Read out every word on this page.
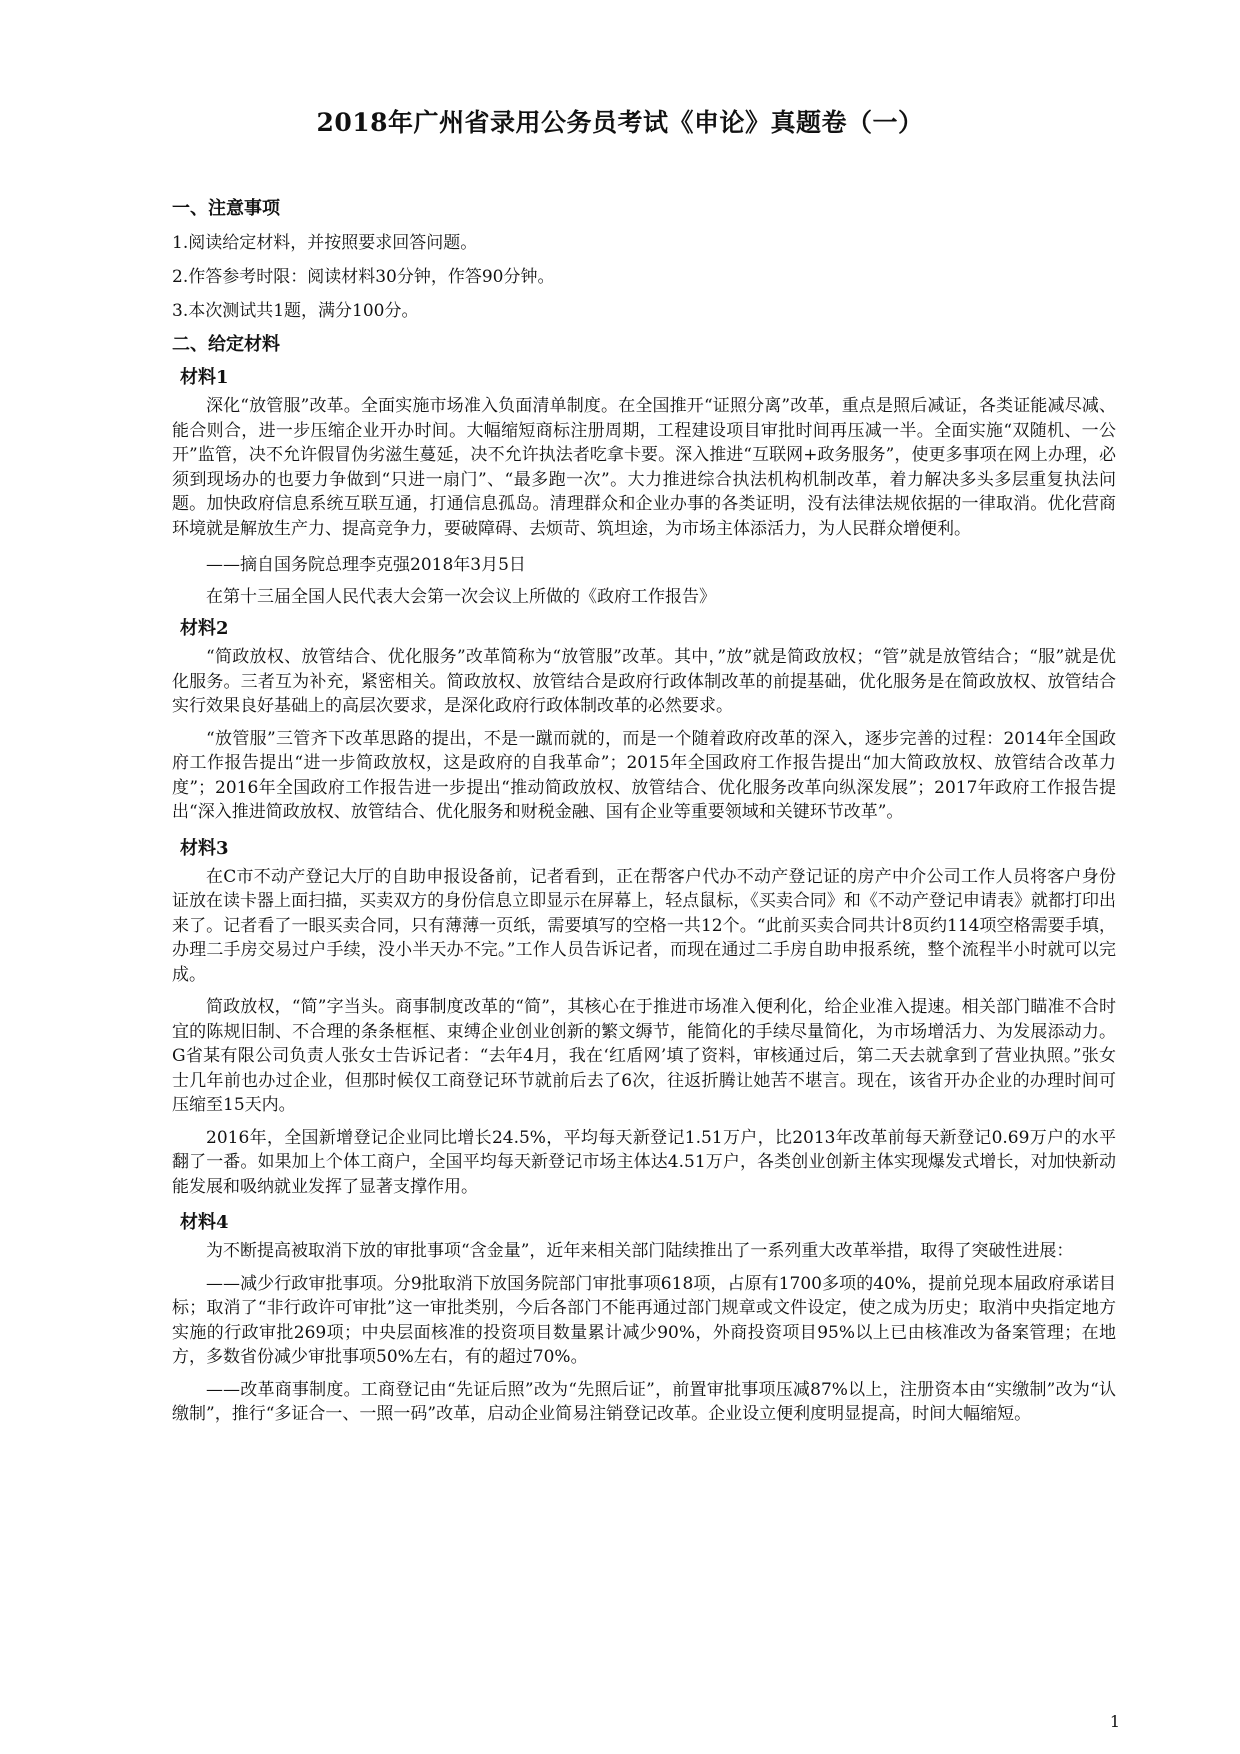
2018年广州省录用公务员考试《申论》真题卷（一）
一、注意事项
1.阅读给定材料，并按照要求回答问题。
2.作答参考时限：阅读材料30分钟，作答90分钟。
3.本次测试共1题，满分100分。
二、给定材料
材料1

深化“放管服”改革。全面实施市场准入负面清单制度。在全国推开“证照分离”改革，重点是照后减证，各类证能减尽减、能合则合，进一步压缩企业开办时间。大幅缩短商标注册周期，工程建设项目审批时间再压减一半。全面实施“双随机、一公开”监管，决不允许假冒伪劣滋生蔓延，决不允许执法者吃拿卡要。深入推进“互联网+政务服务”，使更多事项在网上办理，必须到现场办的也要力争做到“只进一扇门”、“最多跑一次”。大力推进综合执法机构机制改革，着力解决多头多层重复执法问题。加快政府信息系统互联互通，打通信息孤岛。清理群众和企业办事的各类证明，没有法律法规依据的一律取消。优化营商环境就是解放生产力、提高竞争力，要破障碍、去烦苛、筑坦途，为市场主体添活力，为人民群众增便利。

——摘自国务院总理李克强2018年3月5日

在第十三届全国人民代表大会第一次会议上所做的《政府工作报告》

材料2

“简政放权、放管结合、优化服务”改革简称为“放管服”改革。其中，”放”就是简政放权；“管”就是放管结合；“服”就是优化服务。三者互为补充，紧密相关。简政放权、放管结合是政府行政体制改革的前提基础，优化服务是在简政放权、放管结合实行效果良好基础上的高层次要求，是深化政府行政体制改革的必然要求。

“放管服”三管齐下改革思路的提出，不是一蹴而就的，而是一个随着政府改革的深入，逐步完善的过程：2014年全国政府工作报告提出“进一步简政放权，这是政府的自我革命”；2015年全国政府工作报告提出“加大简政放权、放管结合改革力度”；2016年全国政府工作报告进一步提出“推动简政放权、放管结合、优化服务改革向纵深发展”；2017年政府工作报告提出“深入推进简政放权、放管结合、优化服务和财税金融、国有企业等重要领域和关键环节改革”。

材料3

在C市不动产登记大厅的自助申报设备前，记者看到，正在帮客户代办不动产登记证的房产中介公司工作人员将客户身份证放在读卡器上面扫描，买卖双方的身份信息立即显示在屏幕上，轻点鼠标，《买卖合同》和《不动产登记申请表》就都打印出来了。记者看了一眼买卖合同，只有薄薄一页纸，需要填写的空格一共12个。“此前买卖合同共计8页约114项空格需要手填，办理二手房交易过户手续，没小半天办不完。”工作人员告诉记者，而现在通过二手房自助申报系统，整个流程半小时就可以完成。

简政放权，“简”字当头。商事制度改革的“简”，其核心在于推进市场准入便利化，给企业准入提速。相关部门瞄准不合时宜的陈规旧制、不合理的条条框框、束缚企业创业创新的繁文缛节，能简化的手续尽量简化，为市场增活力、为发展添动力。G省某有限公司负责人张女士告诉记者：“去年4月，我在‘红盾网’填了资料，审核通过后，第二天去就拿到了营业执照。”张女士几年前也办过企业，但那时候仅工商登记环节就前后去了6次，往返折腾让她苦不堪言。现在，该省开办企业的办理时间可压缩至15天内。

2016年，全国新增登记企业同比增长24.5%，平均每天新登记1.51万户，比2013年改革前每天新登记0.69万户的水平翻了一番。如果加上个体工商户，全国平均每天新登记市场主体达4.51万户，各类创业创新主体实现爆发式增长，对加快新动能发展和吸纳就业发挥了显著支撑作用。

材料4

为不断提高被取消下放的审批事项“含金量”，近年来相关部门陆续推出了一系列重大改革举措，取得了突破性进展：

——减少行政审批事项。分9批取消下放国务院部门审批事项618项，占原有1700多项的40%，提前兑现本届政府承诺目标；取消了“非行政许可审批”这一审批类别，今后各部门不能再通过部门规章或文件设定，使之成为历史；取消中央指定地方实施的行政审批269项；中央层面核准的投资项目数量累计减少90%，外商投资项目95%以上已由核准改为备案管理；在地方，多数省份减少审批事项50%左右，有的超过70%。

——改革商事制度。工商登记由“先证后照”改为“先照后证”，前置审批事项压减87%以上，注册资本由“实缴制”改为“认缴制”，推行“多证合一、一照一码”改革，启动企业简易注销登记改革。企业设立便利度明显提高，时间大幅缩短。

1
